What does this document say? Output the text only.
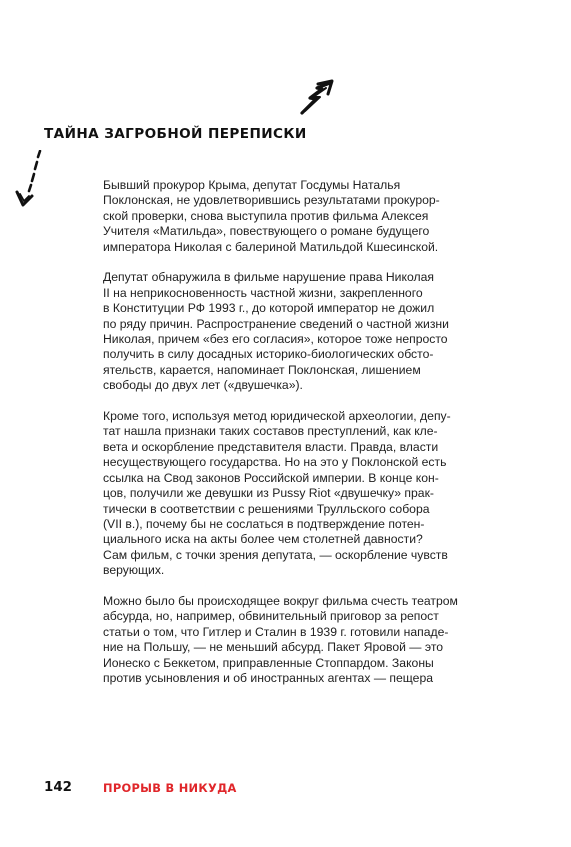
ТАЙНА ЗАГРОБНОЙ ПЕРЕПИСКИ

Бывший прокурор Крыма, депутат Госдумы Наталья
Поклонская, не удовлетворившись результатами прокурор-
ской проверки, снова выступила против фильма Алексея
Учителя «Матильда», повествующего о романе будущего
императора Николая с балериной Матильдой Кшесинской.

Депутат обнаружила в фильме нарушение права Николая
II на неприкосновенность частной жизни, закрепленного
в Конституции РФ 1993 г., до которой император не дожил
по ряду причин. Распространение сведений о частной жизни
Николая, причем «без его согласия», которое тоже непросто
получить в силу досадных историко-биологических обсто-
ятельств, карается, напоминает Поклонская, лишением
свободы до двух лет («двушечка»).

Кроме того, используя метод юридической археологии, депу-
тат нашла признаки таких составов преступлений, как кле-
вета и оскорбление представителя власти. Правда, власти
несуществующего государства. Но на это у Поклонской есть
ссылка на Свод законов Российской империи. В конце кон-
цов, получили же девушки из Pussy Riot «двушечку» прак-
тически в соответствии с решениями Трулльского собора
(VII в.), почему бы не сослаться в подтверждение потен-
циального иска на акты более чем столетней давности?
Сам фильм, с точки зрения депутата, — оскорбление чувств
верующих.

Можно было бы происходящее вокруг фильма счесть театром
абсурда, но, например, обвинительный приговор за репост
статьи о том, что Гитлер и Сталин в 1939 г. готовили нападе-
ние на Польшу, — не меньший абсурд. Пакет Яровой — это
Ионеско с Беккетом, приправленные Стоппардом. Законы
против усыновления и об иностранных агентах — пещера

142	ПРОРЫВ В НИКУДА
